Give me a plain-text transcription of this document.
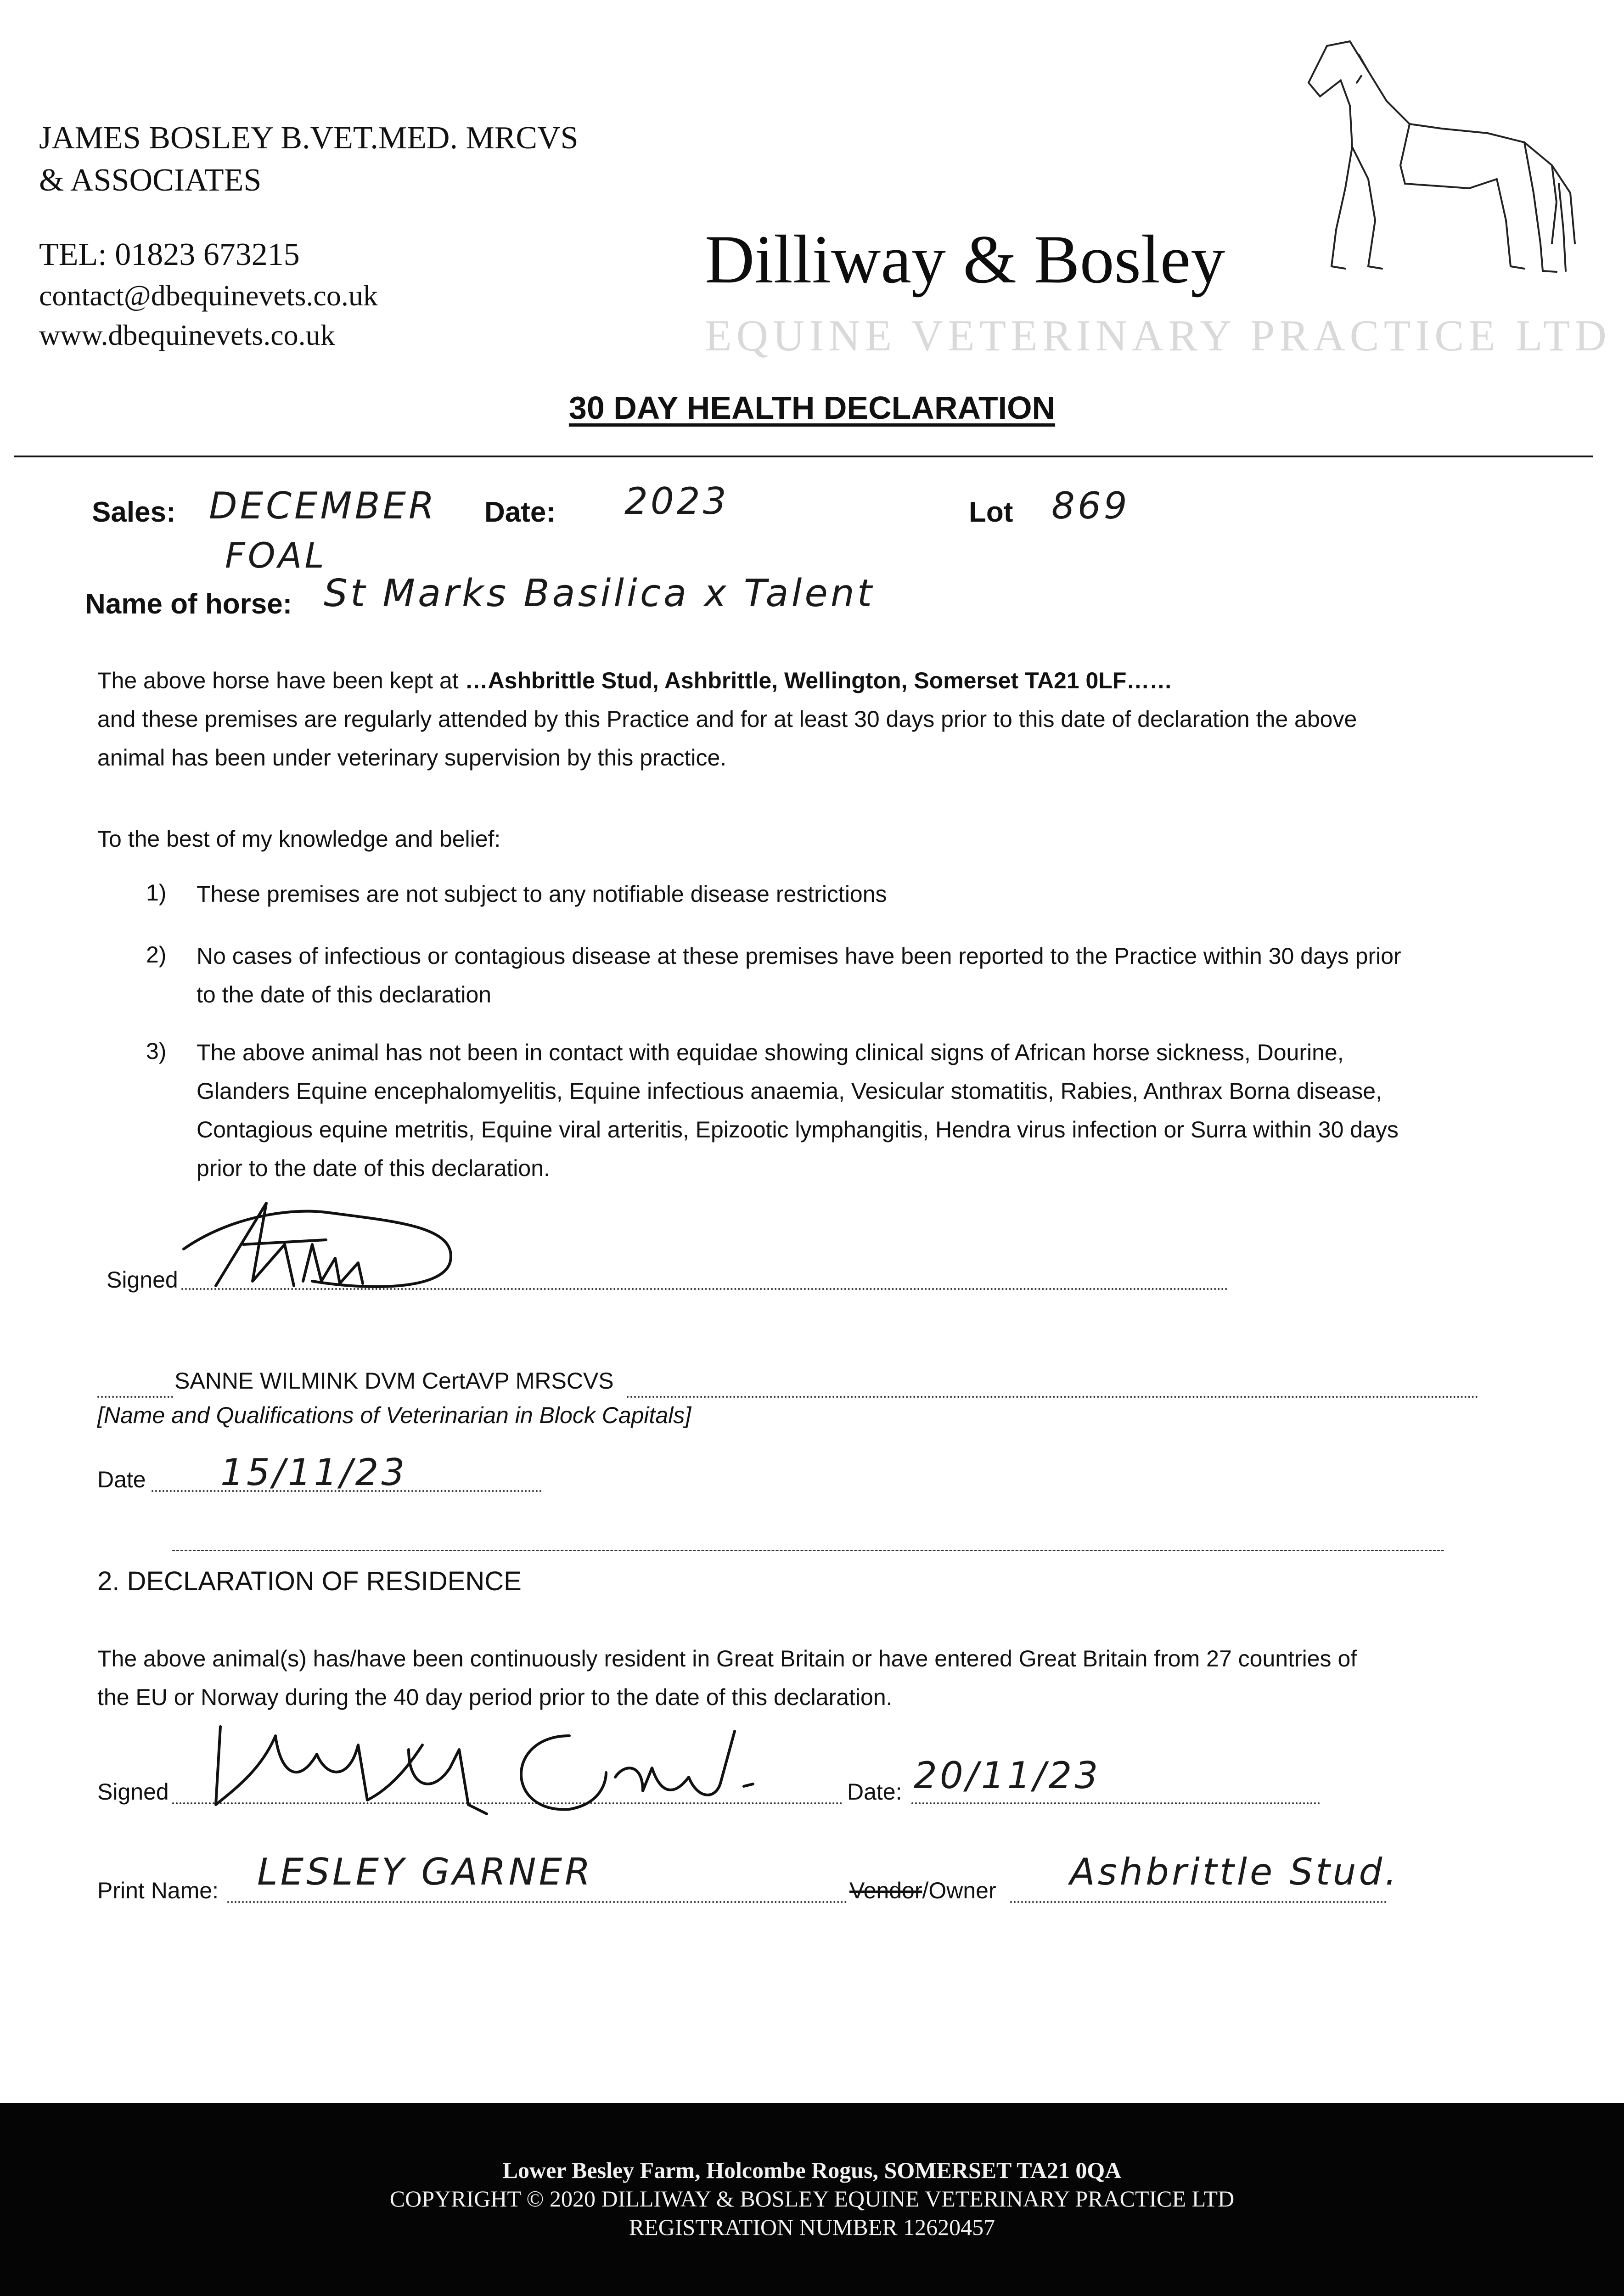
JAMES BOSLEY B.VET.MED. MRCVS
& ASSOCIATES
TEL: 01823 673215
contact@dbequinevets.co.uk
www.dbequinevets.co.uk
Dilliway & Bosley
EQUINE VETERINARY PRACTICE LTD
30 DAY HEALTH DECLARATION
Sales: DECEMBER Date: 2023	Lot 869
FOAL
Name of horse: St Marks Basilica x Talent
The above horse have been kept at …Ashbrittle Stud, Ashbrittle, Wellington, Somerset TA21 0LF……
and these premises are regularly attended by this Practice and for at least 30 days prior to this date of declaration the above
animal has been under veterinary supervision by this practice.
To the best of my knowledge and belief:
1) These premises are not subject to any notifiable disease restrictions
2) No cases of infectious or contagious disease at these premises have been reported to the Practice within 30 days prior
to the date of this declaration
3) The above animal has not been in contact with equidae showing clinical signs of African horse sickness, Dourine,
Glanders Equine encephalomyelitis, Equine infectious anaemia, Vesicular stomatitis, Rabies, Anthrax Borna disease,
Contagious equine metritis, Equine viral arteritis, Epizootic lymphangitis, Hendra virus infection or Surra within 30 days
prior to the date of this declaration.
Signed
SANNE WILMINK DVM CertAVP MRSCVS
[Name and Qualifications of Veterinarian in Block Capitals]
Date 15/11/23
2. DECLARATION OF RESIDENCE
The above animal(s) has/have been continuously resident in Great Britain or have entered Great Britain from 27 countries of
the EU or Norway during the 40 day period prior to the date of this declaration.
Signed	Date: 20/11/23
Print Name: LESLEY GARNER	Vendor/Owner Ashbrittle Stud.
Lower Besley Farm, Holcombe Rogus, SOMERSET TA21 0QA
COPYRIGHT © 2020 DILLIWAY & BOSLEY EQUINE VETERINARY PRACTICE LTD
REGISTRATION NUMBER 12620457
